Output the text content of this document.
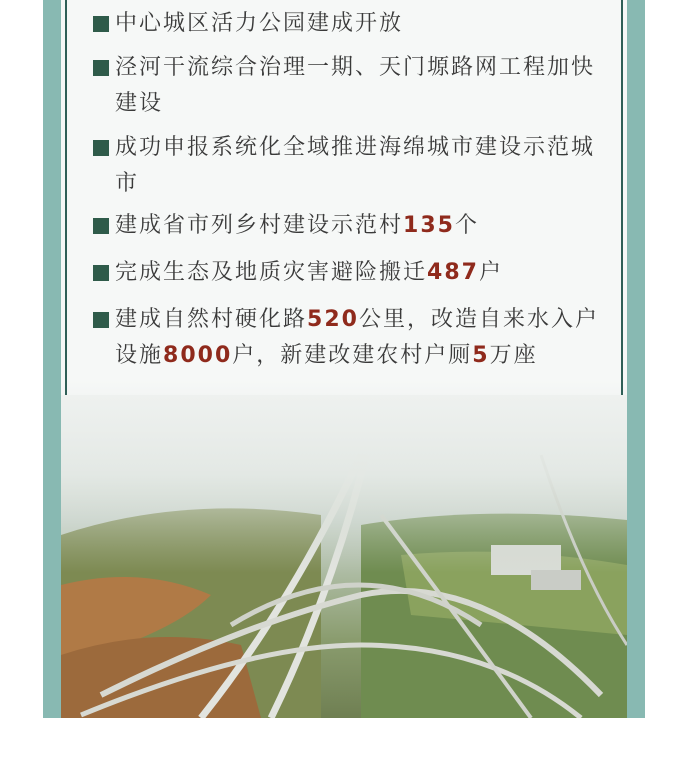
中心城区活力公园建成开放
泾河干流综合治理一期、天门塬路网工程加快建设
成功申报系统化全域推进海绵城市建设示范城市
建成省市列乡村建设示范村135个
完成生态及地质灾害避险搬迁487户
建成自然村硬化路520公里，改造自来水入户设施8000户，新建改建农村户厕5万座
